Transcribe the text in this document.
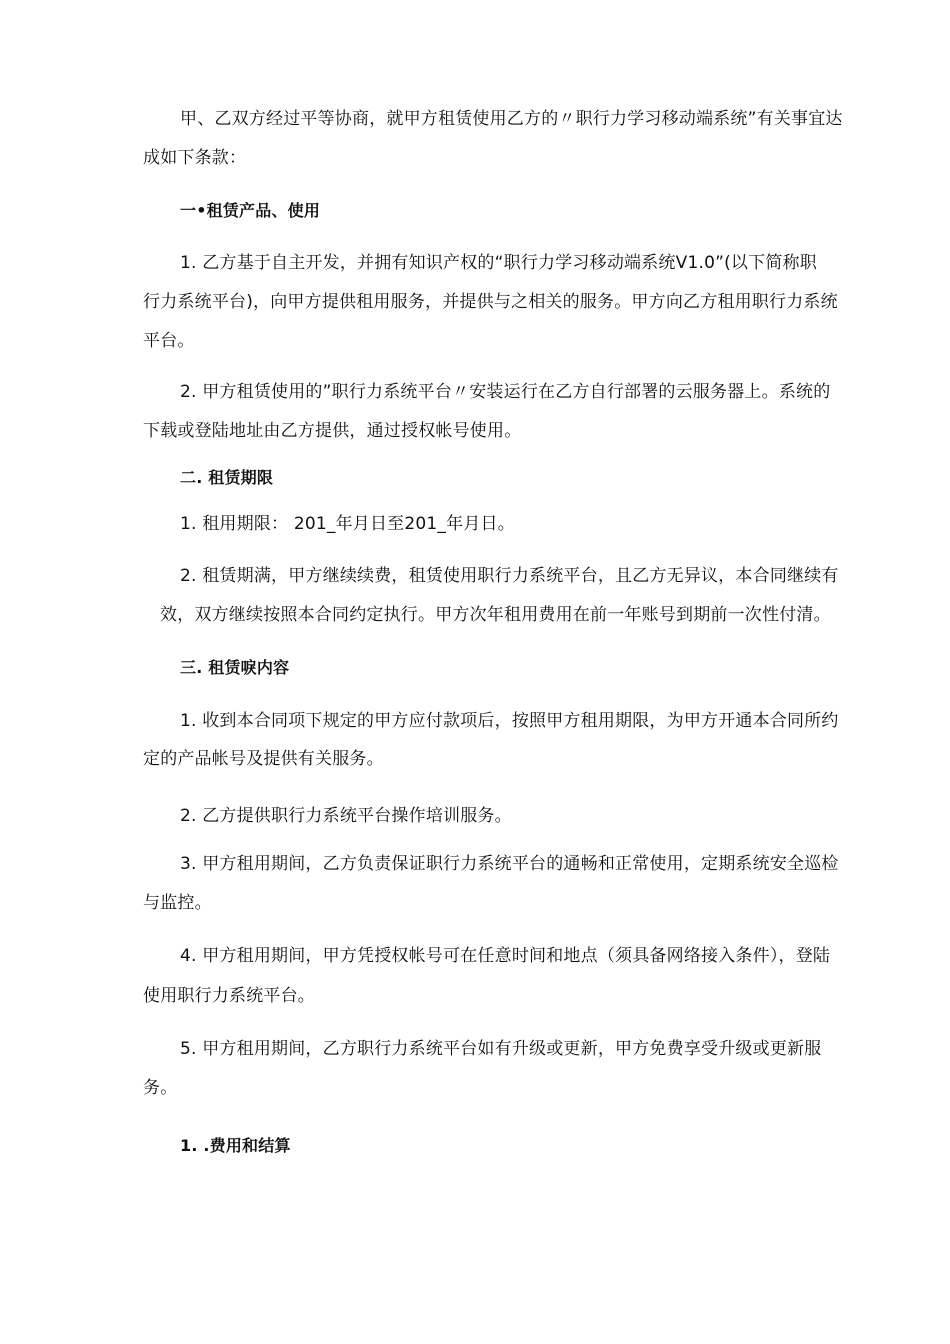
甲、乙双方经过平等协商，就甲方租赁使用乙方的〃职行力学习移动端系统”有关事宜达
成如下条款：
一•租赁产品、使用
1. 乙方基于自主开发，并拥有知识产权的“职行力学习移动端系统V1.0”(以下简称职
行力系统平台)，向甲方提供租用服务，并提供与之相关的服务。甲方向乙方租用职行力系统
平台。
2. 甲方租赁使用的”职行力系统平台〃安装运行在乙方自行部署的云服务器上。系统的
下载或登陆地址由乙方提供，通过授权帐号使用。
二. 租赁期限
1. 租用期限： 201_年月日至201_年月日。
2. 租赁期满，甲方继续续费，租赁使用职行力系统平台，且乙方无异议，本合同继续有
效，双方继续按照本合同约定执行。甲方次年租用费用在前一年账号到期前一次性付清。
三. 租赁唳内容
1. 收到本合同项下规定的甲方应付款项后，按照甲方租用期限，为甲方开通本合同所约
定的产品帐号及提供有关服务。
2. 乙方提供职行力系统平台操作培训服务。
3. 甲方租用期间，乙方负责保证职行力系统平台的通畅和正常使用，定期系统安全巡检
与监控。
4. 甲方租用期间，甲方凭授权帐号可在任意时间和地点（须具备网络接入条件），登陆
使用职行力系统平台。
5. 甲方租用期间，乙方职行力系统平台如有升级或更新，甲方免费享受升级或更新服
务。
1. .费用和结算
